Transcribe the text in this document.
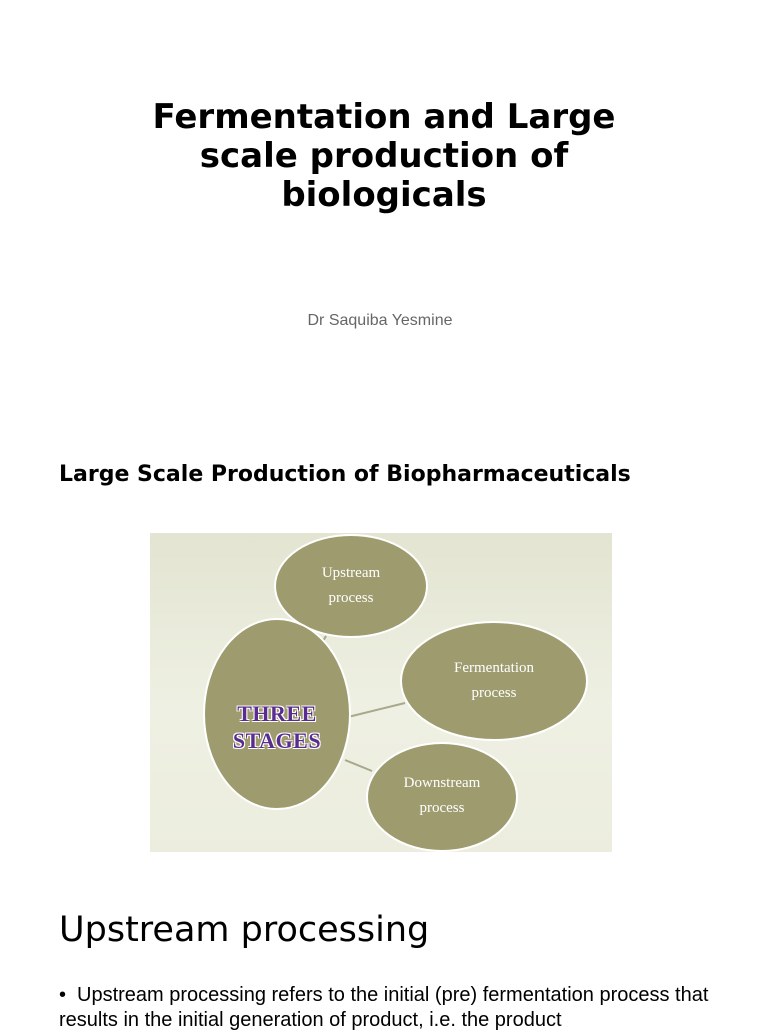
Fermentation and Large
scale production of
biologicals
Dr Saquiba Yesmine
Large Scale Production of Biopharmaceuticals
Upstream
process
Fermentation
process
Downstream
process
THREE
STAGES
Upstream processing
• Upstream processing refers to the initial (pre) fermentation process that results in the initial generation of product, i.e. the product
